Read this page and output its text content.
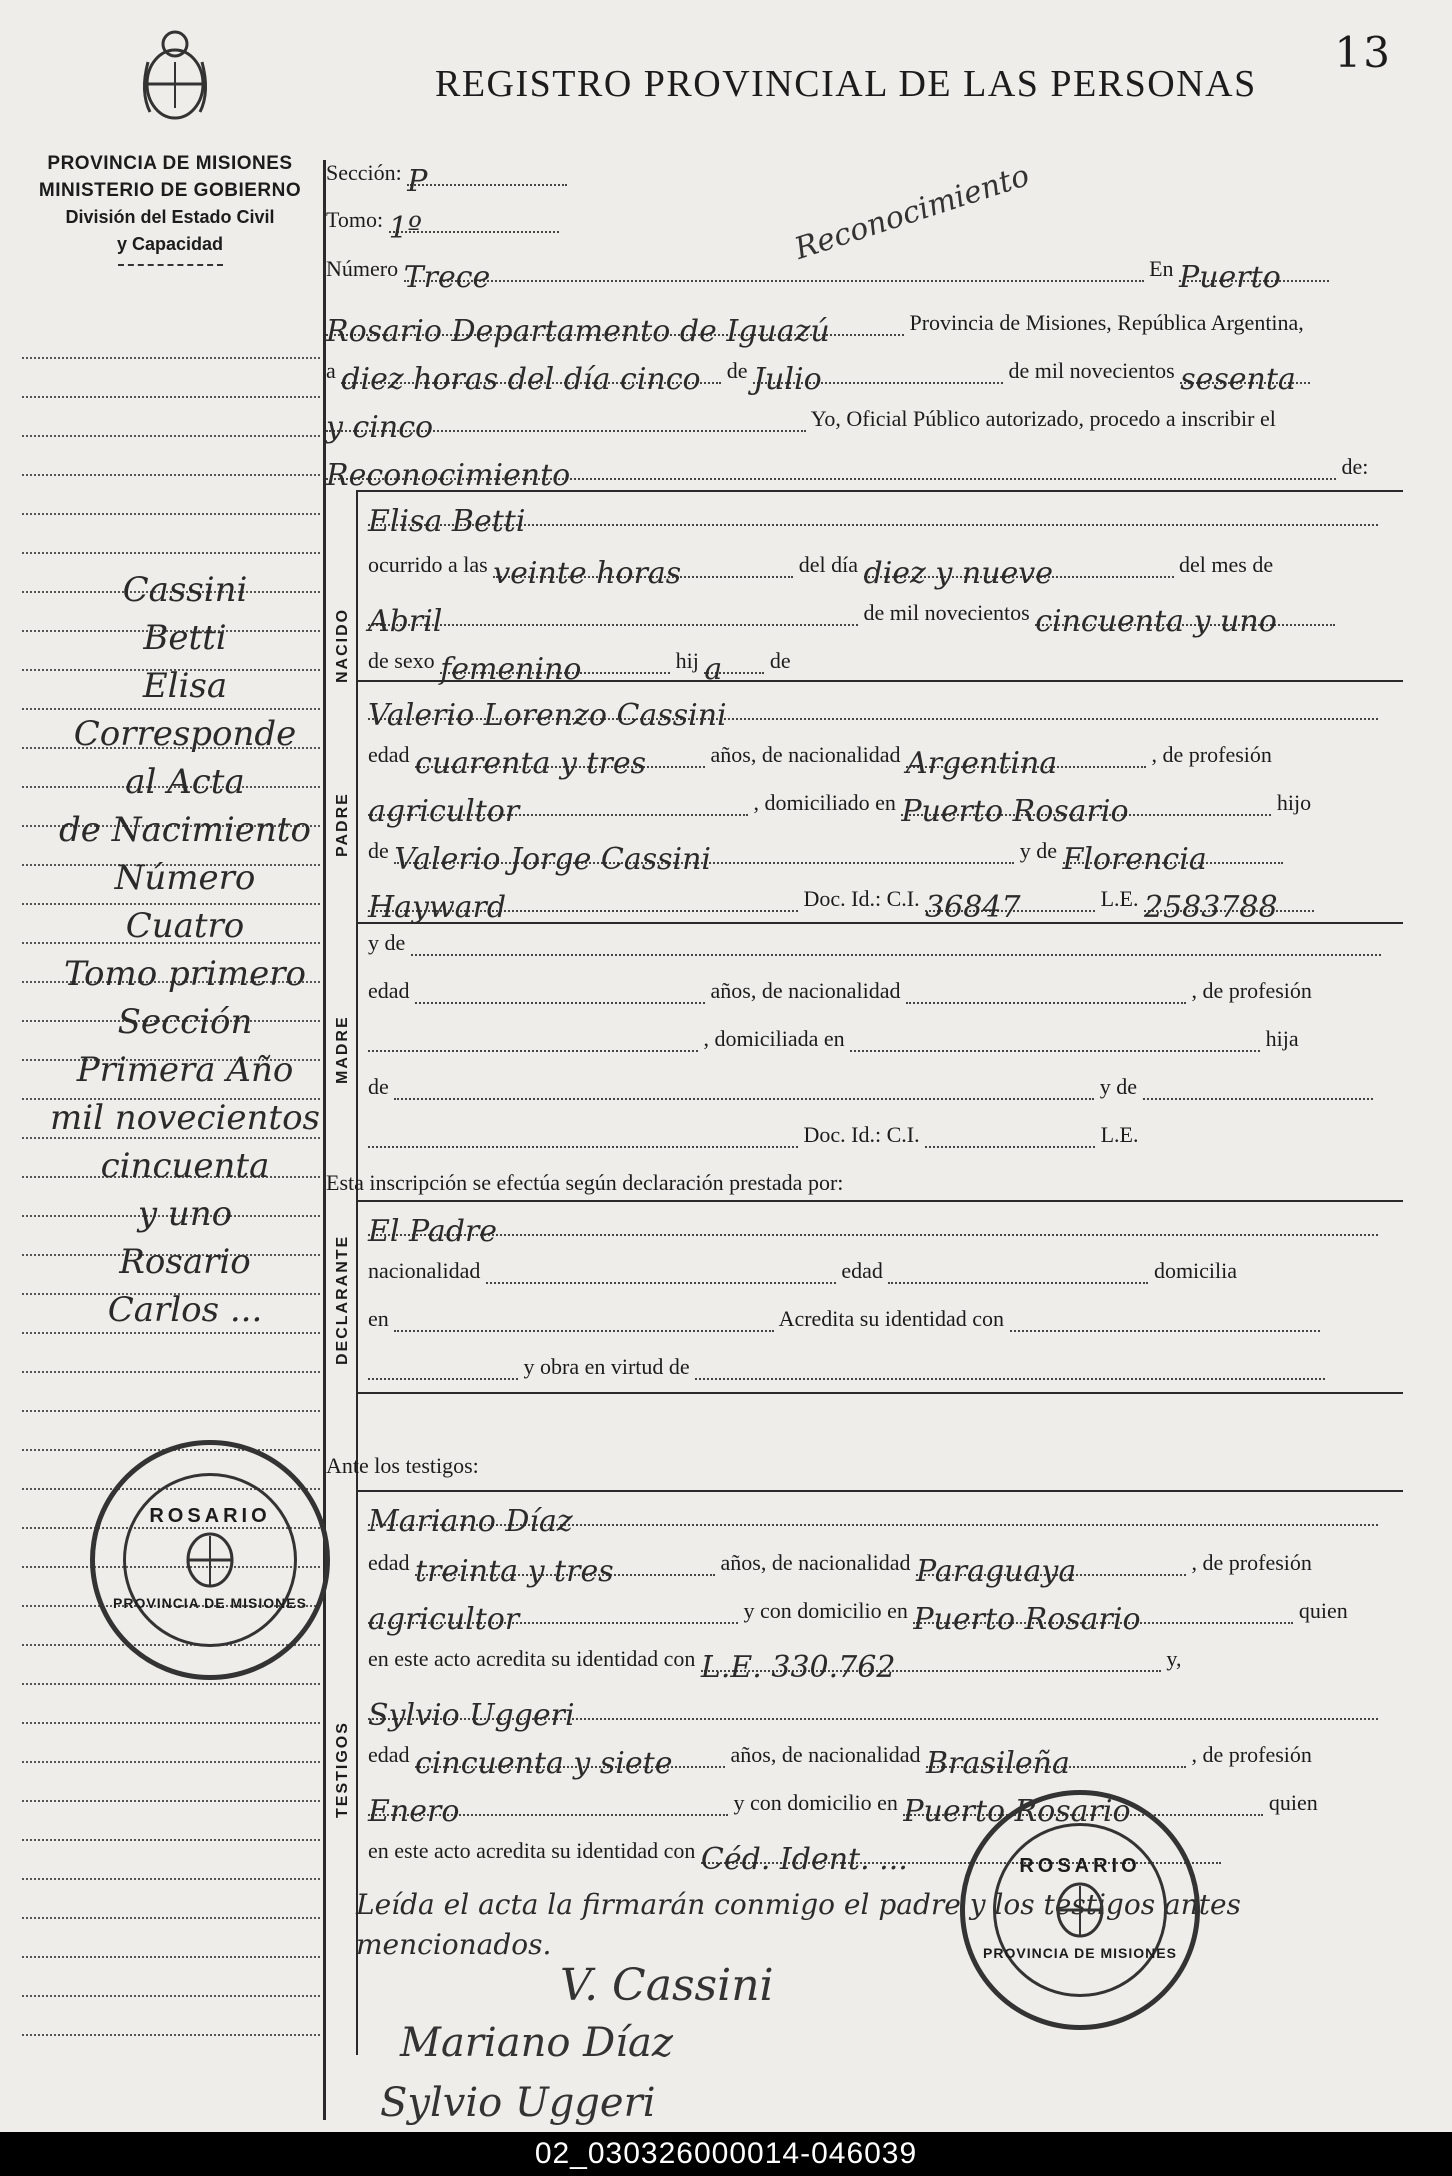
13
REGISTRO PROVINCIAL DE LAS PERSONAS
PROVINCIA DE MISIONES
MINISTERIO DE GOBIERNO
División del Estado Civil
y Capacidad
Cassini
Betti
Elisa
Corresponde
al Acta
de Nacimiento
Número
Cuatro
Tomo primero
Sección
Primera Año
mil novecientos
cincuenta
y uno
Rosario
Carlos ...
Reconocimiento
Sección: P
Tomo: 1º
Número Trece	En Puerto
Rosario Departamento de Iguazú	Provincia de Misiones, República Argentina,
a diez horas del día cinco de Julio	de mil novecientos sesenta
y cinco	Yo, Oficial Público autorizado, procedo a inscribir el
Reconocimiento	de:
NACIDO
Elisa Betti
ocurrido a las veinte horas	del día diez y nueve	del mes de
Abril	de mil novecientos cincuenta y uno
de sexo femenino	hij a de
Valerio Lorenzo Cassini
PADRE
edad cuarenta y tres	años, de nacionalidad Argentina	, de profesión
agricultor	, domiciliado en Puerto Rosario	hijo
de Valerio Jorge Cassini	y de Florencia
Hayward	Doc. Id.: C.I. 36847	L.E. 2583788
MADRE
y de
edad	años, de nacionalidad	, de profesión
, domiciliada en	hija
de	y de
Doc. Id.: C.I.	L.E.
Esta inscripción se efectúa según declaración prestada por:
DECLARANTE
El Padre
nacionalidad	edad	domicilia
en	Acredita su identidad con
y obra en virtud de
Ante los testigos:
TESTIGOS
Mariano Díaz
edad treinta y tres	años, de nacionalidad Paraguaya	, de profesión
agricultor	y con domicilio en Puerto Rosario	quien
en este acto acredita su identidad con L.E. 330.762	y,
Sylvio Uggeri
edad cincuenta y siete	años, de nacionalidad Brasileña	, de profesión
Enero	y con domicilio en Puerto Rosario	quien
en este acto acredita su identidad con Céd. Ident. ...
Leída el acta la firmarán conmigo el padre y los testigos antes
mencionados.
V. Cassini
Mariano Díaz
Sylvio Uggeri
ROSARIO
PROVINCIA DE MISIONES
ROSARIO
PROVINCIA DE MISIONES
02_030326000014-046039
